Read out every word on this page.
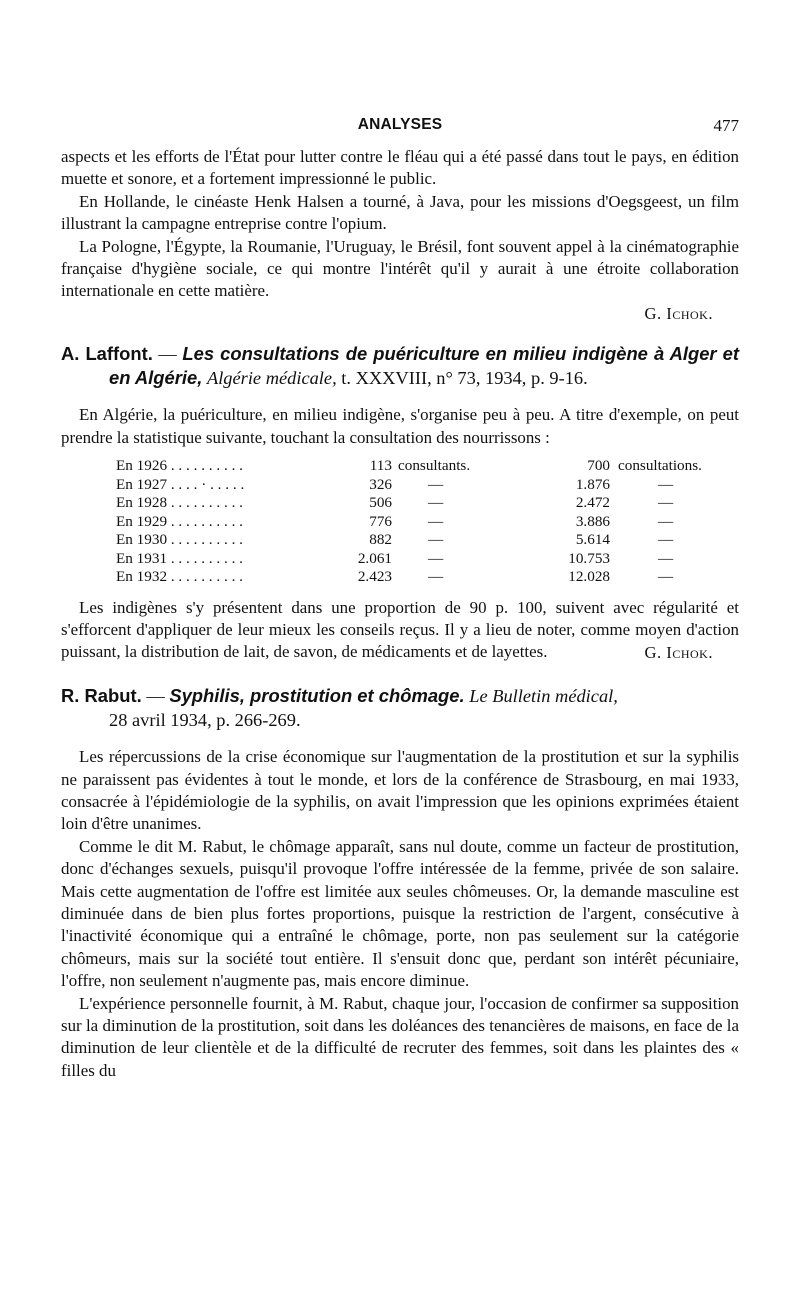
ANALYSES	477

aspects et les efforts de l'État pour lutter contre le fléau qui a été passé dans tout le pays, en édition muette et sonore, et a fortement impressionné le public.

En Hollande, le cinéaste Henk Halsen a tourné, à Java, pour les missions d'Oegsgeest, un film illustrant la campagne entreprise contre l'opium.

La Pologne, l'Égypte, la Roumanie, l'Uruguay, le Brésil, font souvent appel à la cinématographie française d'hygiène sociale, ce qui montre l'intérêt qu'il y aurait à une étroite collaboration internationale en cette matière.

G. Ichok.
A. Laffont. — Les consultations de puériculture en milieu indigène à Alger et en Algérie, Algérie médicale, t. XXXVIII, n° 73, 1934, p. 9-16.

En Algérie, la puériculture, en milieu indigène, s'organise peu à peu. A titre d'exemple, on peut prendre la statistique suivante, touchant la consultation des nourrissons :

En 1926 . . . . . . . . . .	113	consultants.	700	consultations.
En 1927 . . . . · . . . . .	326	—	1.876	—
En 1928 . . . . . . . . . .	506	—	2.472	—
En 1929 . . . . . . . . . .	776	—	3.886	—
En 1930 . . . . . . . . . .	882	—	5.614	—
En 1931 . . . . . . . . . .	2.061	—	10.753	—
En 1932 . . . . . . . . . .	2.423	—	12.028	—

Les indigènes s'y présentent dans une proportion de 90 p. 100, suivent avec régularité et s'efforcent d'appliquer de leur mieux les conseils reçus. Il y a lieu de noter, comme moyen d'action puissant, la distribution de lait, de savon, de médicaments et de layettes.	G. Ichok.
R. Rabut. — Syphilis, prostitution et chômage. Le Bulletin médical,
28 avril 1934, p. 266-269.

Les répercussions de la crise économique sur l'augmentation de la prostitution et sur la syphilis ne paraissent pas évidentes à tout le monde, et lors de la conférence de Strasbourg, en mai 1933, consacrée à l'épidémiologie de la syphilis, on avait l'impression que les opinions exprimées étaient loin d'être unanimes.

Comme le dit M. Rabut, le chômage apparaît, sans nul doute, comme un facteur de prostitution, donc d'échanges sexuels, puisqu'il provoque l'offre intéressée de la femme, privée de son salaire. Mais cette augmentation de l'offre est limitée aux seules chômeuses. Or, la demande masculine est diminuée dans de bien plus fortes proportions, puisque la restriction de l'argent, consécutive à l'inactivité économique qui a entraîné le chômage, porte, non pas seulement sur la catégorie chômeurs, mais sur la société tout entière. Il s'ensuit donc que, perdant son intérêt pécuniaire, l'offre, non seulement n'augmente pas, mais encore diminue.

L'expérience personnelle fournit, à M. Rabut, chaque jour, l'occasion de confirmer sa supposition sur la diminution de la prostitution, soit dans les doléances des tenancières de maisons, en face de la diminution de leur clientèle et de la difficulté de recruter des femmes, soit dans les plaintes des « filles du
